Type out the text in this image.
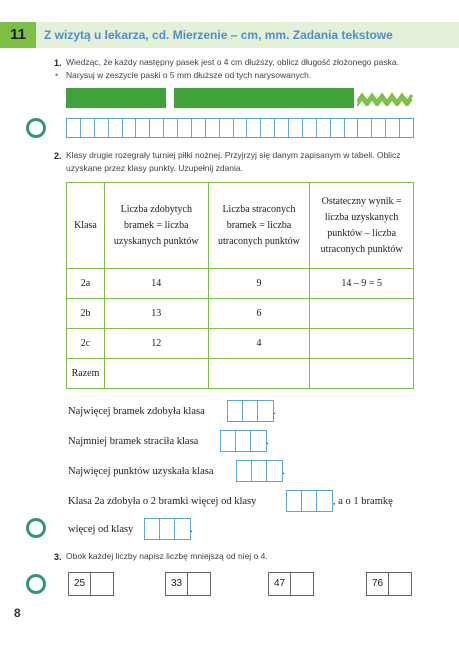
11	Z wizytą u lekarza, cd. Mierzenie – cm, mm. Zadania tekstowe
1. Wiedząc, że każdy następny pasek jest o 4 cm dłuższy, oblicz długość złożonego paska.
• Narysuj w zeszycie paski o 5 mm dłuższe od tych narysowanych.
2. Klasy drugie rozegrały turniej piłki nożnej. Przyjrzyj się danym zapisanym w tabeli. Oblicz
uzyskane przez klasy punkty. Uzupełnij zdania.
Klasa	Liczba zdobytych bramek = liczba uzyskanych punktów	Liczba straconych bramek = liczba utraconych punktów	Ostateczny wynik = liczba uzyskanych punktów – liczba utraconych punktów
2a	14	9	14 – 9 = 5
2b	13	6	
2c	12	4	
Razem			
Najwięcej bramek zdobyła klasa	.
Najmniej bramek straciła klasa	.
Najwięcej punktów uzyskała klasa	.
Klasa 2a zdobyła o 2 bramki więcej od klasy	, a o 1 bramkę
więcej od klasy	.
3. Obok każdej liczby napisz liczbę mniejszą od niej o 4.
25	33	47	76
8
